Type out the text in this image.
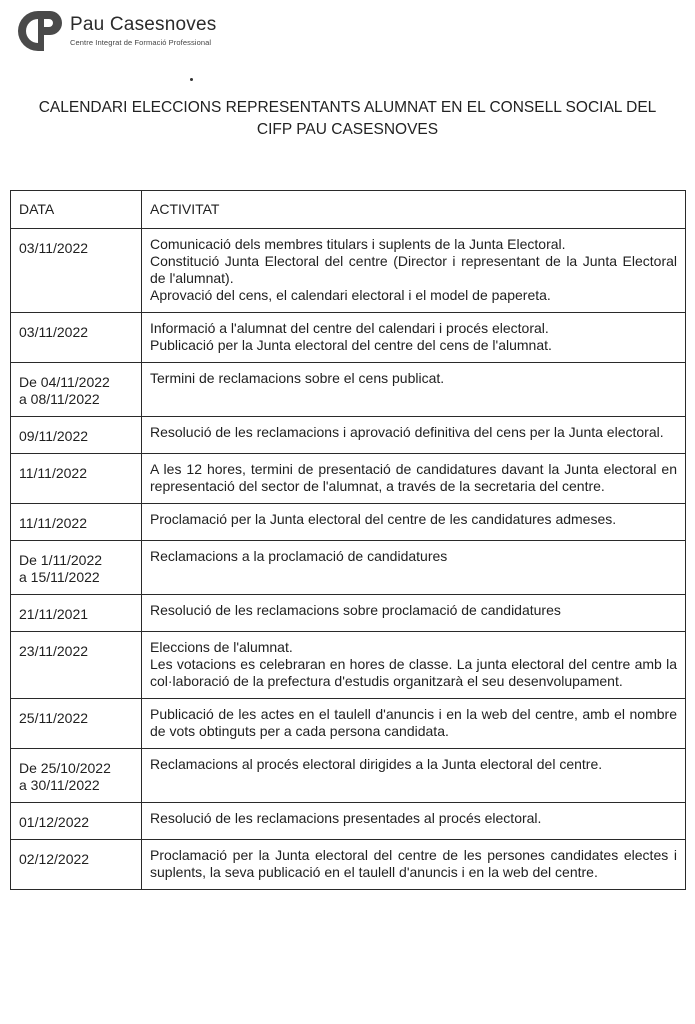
Pau Casesnoves
Centre Integrat de Formació Professional
CALENDARI ELECCIONS REPRESENTANTS ALUMNAT EN EL CONSELL SOCIAL DEL
CIFP PAU CASESNOVES
DATA	ACTIVITAT

03/11/2022	Comunicació dels membres titulars i suplents de la Junta Electoral.
Constitució Junta Electoral del centre (Director i representant de la Junta Electoral de l'alumnat).
Aprovació del cens, el calendari electoral i el model de papereta.

03/11/2022	Informació a l'alumnat del centre del calendari i procés electoral.
Publicació per la Junta electoral del centre del cens de l'alumnat.

De 04/11/2022
a 08/11/2022	Termini de reclamacions sobre el cens publicat.

09/11/2022	Resolució de les reclamacions i aprovació definitiva del cens per la Junta electoral.

11/11/2022	A les 12 hores, termini de presentació de candidatures davant la Junta electoral en representació del sector de l'alumnat, a través de la secretaria del centre.

11/11/2022	Proclamació per la Junta electoral del centre de les candidatures admeses.

De 1/11/2022
a 15/11/2022	Reclamacions a la proclamació de candidatures

21/11/2021	Resolució de les reclamacions sobre proclamació de candidatures

23/11/2022	Eleccions de l'alumnat.
Les votacions es celebraran en hores de classe. La junta electoral del centre amb la col·laboració de la prefectura d'estudis organitzarà el seu desenvolupament.

25/11/2022	Publicació de les actes en el taulell d'anuncis i en la web del centre, amb el nombre de vots obtinguts per a cada persona candidata.

De 25/10/2022
a 30/11/2022	Reclamacions al procés electoral dirigides a la Junta electoral del centre.

01/12/2022	Resolució de les reclamacions presentades al procés electoral.

02/12/2022	Proclamació per la Junta electoral del centre de les persones candidates electes i suplents, la seva publicació en el taulell d'anuncis i en la web del centre.
